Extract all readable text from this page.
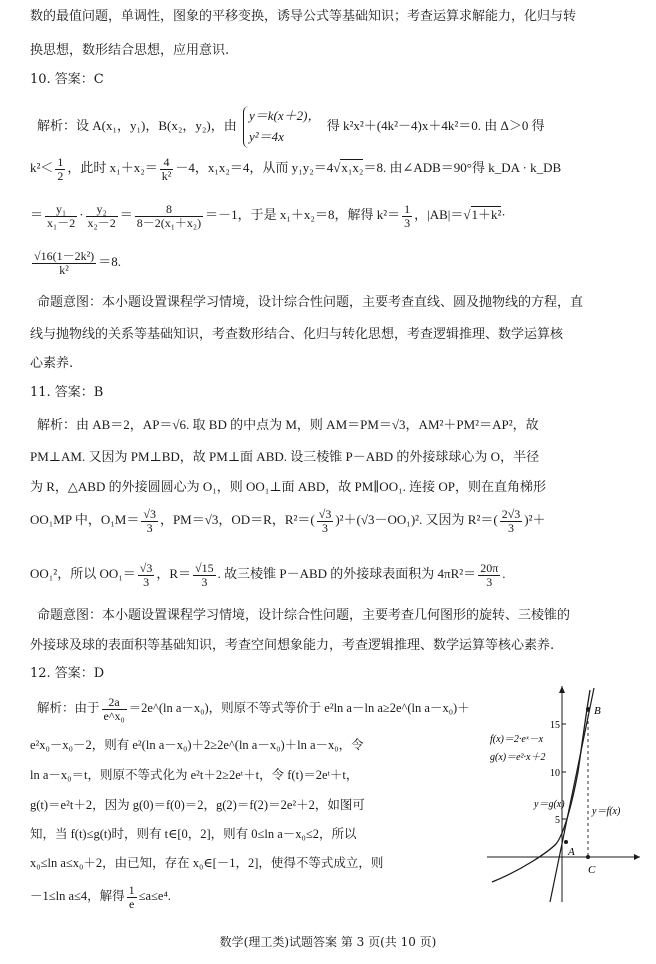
数的最值问题，单调性，图象的平移变换，诱导公式等基础知识；考查运算求解能力，化归与转
换思想，数形结合思想，应用意识.
10. 答案：C
解析：设 A(x₁，y₁)，B(x₂，y₂)，由
y＝k(x＋2)，
y²＝4x
得 k²x²＋(4k²－4)x＋4k²＝0. 由 Δ＞0 得
$k^2< \frac{1}{2}$ ，此时 $x_1+x_2= \frac{4}{\text{k²}} -4$，x₁x₂＝4，从而 y₁y₂＝4√x₁x₂＝8. 由∠ADB＝90°得 k_DA · k_DB
＝ $\frac{\text{y₁}}{\text{x₁－2}} \cdot \frac{\text{y₂}}{\text{x₂－2}} = \frac{8}{\text{8－2(x₁＋x₂)}} =-1$，于是 x₁＋x₂＝8，解得 $k^2= \frac{1}{3}$ ，|AB|＝√1＋k²·
$\frac{\text{√16(1－2k²)}}{\text{k²}} =8$.
命题意图：本小题设置课程学习情境，设计综合性问题，主要考查直线、圆及抛物线的方程，直
线与抛物线的关系等基础知识，考查数形结合、化归与转化思想，考查逻辑推理、数学运算核
心素养.
11. 答案：B
解析：由 AB＝2，AP＝√6. 取 BD 的中点为 M，则 AM＝PM＝√3，AM²＋PM²＝AP²，故
PM⊥AM. 又因为 PM⊥BD，故 PM⊥面 ABD. 设三棱锥 P－ABD 的外接球球心为 O，半径
为 R，△ABD 的外接圆圆心为 O₁，则 OO₁⊥面 ABD，故 PM∥OO₁. 连接 OP，则在直角梯形
OO₁MP 中，$O_1M= \frac{√3}{3}$ ，PM＝√3，OD＝R，$R^2=( \frac{√3}{3} )^2+(√3-OO_1)^2$. 又因为 $R^2=( \frac{2√3}{3} )^2+$
OO₁²，所以 $OO_1= \frac{√3}{3}$ ，$R= \frac{√15}{3}$ . 故三棱锥 P－ABD 的外接球表面积为 $4\pi R^2= \frac{20\pi}{3}$ .
命题意图：本小题设置课程学习情境，设计综合性问题，主要考查几何图形的旋转、三棱锥的
外接球及球的表面积等基础知识，考查空间想象能力，考查逻辑推理、数学运算等核心素养.
12. 答案：D
解析：由于 $\frac{2a}{\text{e\textasciicircum{}x₀}}$ ＝2e^(ln a－x₀)，则原不等式等价于 e²ln a－ln a≥2e^(ln a－x₀)＋
e²x₀－x₀－2，则有 e²(ln a－x₀)＋2≥2e^(ln a－x₀)＋ln a－x₀，令
ln a－x₀＝t，则原不等式化为 e²t＋2≥2eᵗ＋t，令 f(t)＝2eᵗ＋t，
g(t)＝e²t＋2，因为 g(0)＝f(0)＝2，g(2)＝f(2)＝2e²＋2，如图可
知，当 f(t)≤g(t)时，则有 t∈[0，2]，则有 0≤ln a－x₀≤2，所以
x₀≤ln a≤x₀＋2，由已知，存在 x₀∈[－1，2]，使得不等式成立，则
－1≤ln a≤4，解得 $\frac{1}{e} \le a\le e^4$.
15
10
5
A
B
C
f(x)＝2·eˣ－x
g(x)＝e²·x＋2
y＝g(x)
y＝f(x)
数学(理工类)试题答案 第 3 页(共 10 页)
